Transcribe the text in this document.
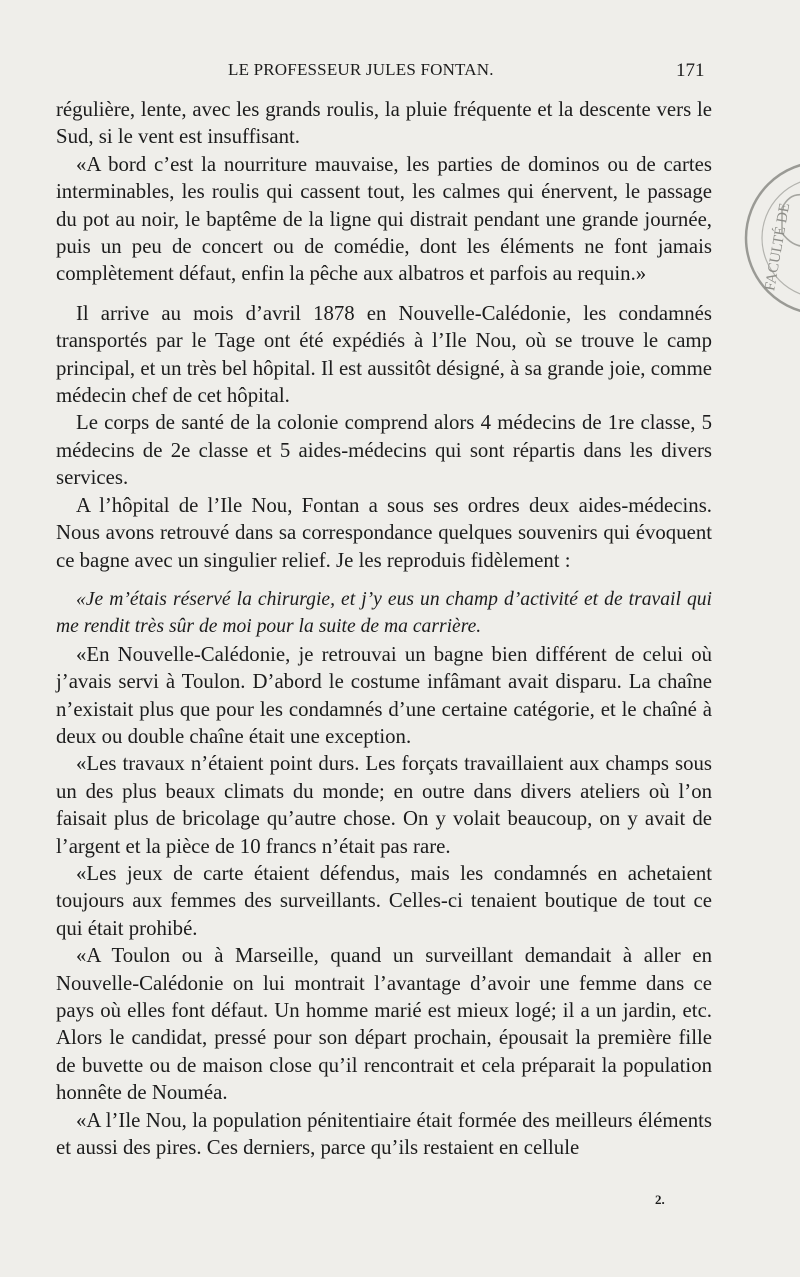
LE PROFESSEUR JULES FONTAN.	171

régulière, lente, avec les grands roulis, la pluie fréquente et la descente vers le Sud, si le vent est insuffisant.

«A bord c’est la nourriture mauvaise, les parties de dominos ou de cartes interminables, les roulis qui cassent tout, les calmes qui énervent, le passage du pot au noir, le baptême de la ligne qui distrait pendant une grande journée, puis un peu de concert ou de comédie, dont les éléments ne font jamais complètement défaut, enfin la pêche aux albatros et parfois au requin.»

Il arrive au mois d’avril 1878 en Nouvelle-Calédonie, les condamnés transportés par le Tage ont été expédiés à l’Ile Nou, où se trouve le camp principal, et un très bel hôpital. Il est aussitôt désigné, à sa grande joie, comme médecin chef de cet hôpital.

Le corps de santé de la colonie comprend alors 4 médecins de 1re classe, 5 médecins de 2e classe et 5 aides-médecins qui sont répartis dans les divers services.

A l’hôpital de l’Ile Nou, Fontan a sous ses ordres deux aides-médecins. Nous avons retrouvé dans sa correspondance quelques souvenirs qui évoquent ce bagne avec un singulier relief. Je les reproduis fidèlement :

«Je m’étais réservé la chirurgie, et j’y eus un champ d’activité et de travail qui me rendit très sûr de moi pour la suite de ma carrière.

«En Nouvelle-Calédonie, je retrouvai un bagne bien différent de celui où j’avais servi à Toulon. D’abord le costume infâmant avait disparu. La chaîne n’existait plus que pour les condamnés d’une certaine catégorie, et le chaîné à deux ou double chaîne était une exception.

«Les travaux n’étaient point durs. Les forçats travaillaient aux champs sous un des plus beaux climats du monde; en outre dans divers ateliers où l’on faisait plus de bricolage qu’autre chose. On y volait beaucoup, on y avait de l’argent et la pièce de 10 francs n’était pas rare.

«Les jeux de carte étaient défendus, mais les condamnés en achetaient toujours aux femmes des surveillants. Celles-ci tenaient boutique de tout ce qui était prohibé.

«A Toulon ou à Marseille, quand un surveillant demandait à aller en Nouvelle-Calédonie on lui montrait l’avantage d’avoir une femme dans ce pays où elles font défaut. Un homme marié est mieux logé; il a un jardin, etc. Alors le candidat, pressé pour son départ prochain, épousait la première fille de buvette ou de maison close qu’il rencontrait et cela préparait la population honnête de Nouméa.

«A l’Ile Nou, la population pénitentiaire était formée des meilleurs éléments et aussi des pires. Ces derniers, parce qu’ils restaient en cellule

2.
FACULTÉ DE
